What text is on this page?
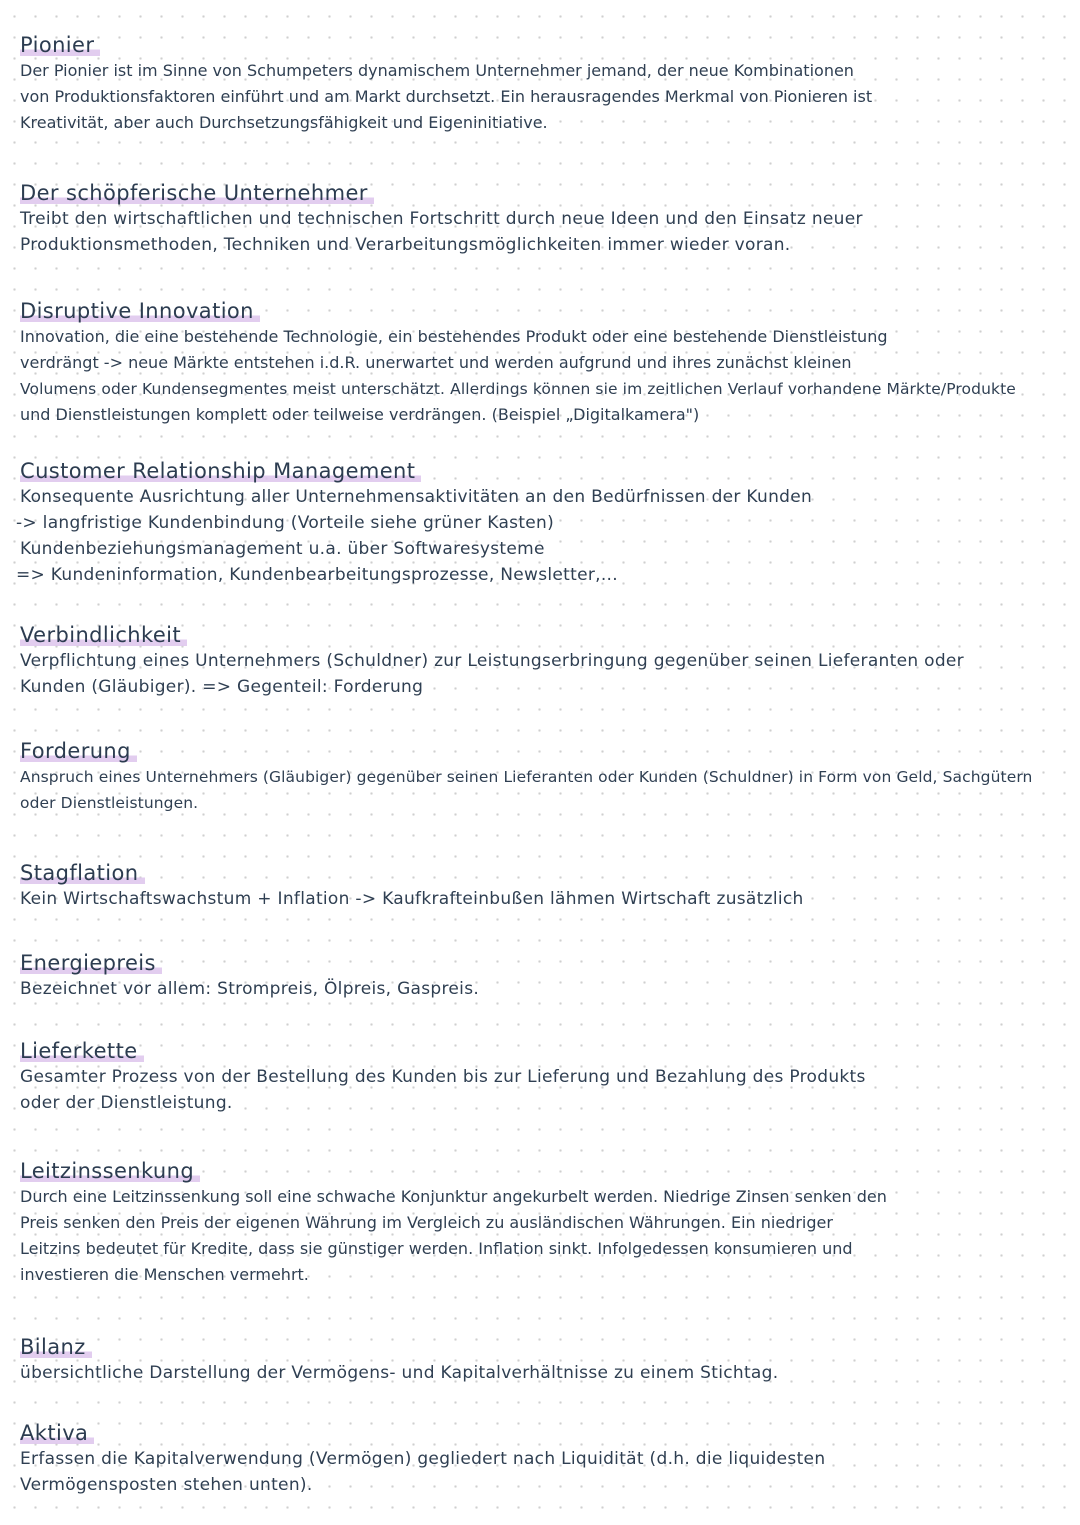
Pionier
Der Pionier ist im Sinne von Schumpeters dynamischem Unternehmer jemand, der neue Kombinationen
von Produktionsfaktoren einführt und am Markt durchsetzt. Ein herausragendes Merkmal von Pionieren ist
Kreativität, aber auch Durchsetzungsfähigkeit und Eigeninitiative.
Der schöpferische Unternehmer
Treibt den wirtschaftlichen und technischen Fortschritt durch neue Ideen und den Einsatz neuer
Produktionsmethoden, Techniken und Verarbeitungsmöglichkeiten immer wieder voran.
Disruptive Innovation
Innovation, die eine bestehende Technologie, ein bestehendes Produkt oder eine bestehende Dienstleistung
verdrängt -> neue Märkte entstehen i.d.R. unerwartet und werden aufgrund und ihres zunächst kleinen
Volumens oder Kundensegmentes meist unterschätzt. Allerdings können sie im zeitlichen Verlauf vorhandene Märkte/Produkte
und Dienstleistungen komplett oder teilweise verdrängen. (Beispiel „Digitalkamera")
Customer Relationship Management
Konsequente Ausrichtung aller Unternehmensaktivitäten an den Bedürfnissen der Kunden
-> langfristige Kundenbindung (Vorteile siehe grüner Kasten)
Kundenbeziehungsmanagement u.a. über Softwaresysteme
=> Kundeninformation, Kundenbearbeitungsprozesse, Newsletter,...
Verbindlichkeit
Verpflichtung eines Unternehmers (Schuldner) zur Leistungserbringung gegenüber seinen Lieferanten oder
Kunden (Gläubiger). => Gegenteil: Forderung
Forderung
Anspruch eines Unternehmers (Gläubiger) gegenüber seinen Lieferanten oder Kunden (Schuldner) in Form von Geld, Sachgütern
oder Dienstleistungen.
Stagflation
Kein Wirtschaftswachstum + Inflation -> Kaufkrafteinbußen lähmen Wirtschaft zusätzlich
Energiepreis
Bezeichnet vor allem: Strompreis, Ölpreis, Gaspreis.
Lieferkette
Gesamter Prozess von der Bestellung des Kunden bis zur Lieferung und Bezahlung des Produkts
oder der Dienstleistung.
Leitzinssenkung
Durch eine Leitzinssenkung soll eine schwache Konjunktur angekurbelt werden. Niedrige Zinsen senken den
Preis senken den Preis der eigenen Währung im Vergleich zu ausländischen Währungen. Ein niedriger
Leitzins bedeutet für Kredite, dass sie günstiger werden. Inflation sinkt. Infolgedessen konsumieren und
investieren die Menschen vermehrt.
Bilanz
übersichtliche Darstellung der Vermögens- und Kapitalverhältnisse zu einem Stichtag.
Aktiva
Erfassen die Kapitalverwendung (Vermögen) gegliedert nach Liquidität (d.h. die liquidesten
Vermögensposten stehen unten).
